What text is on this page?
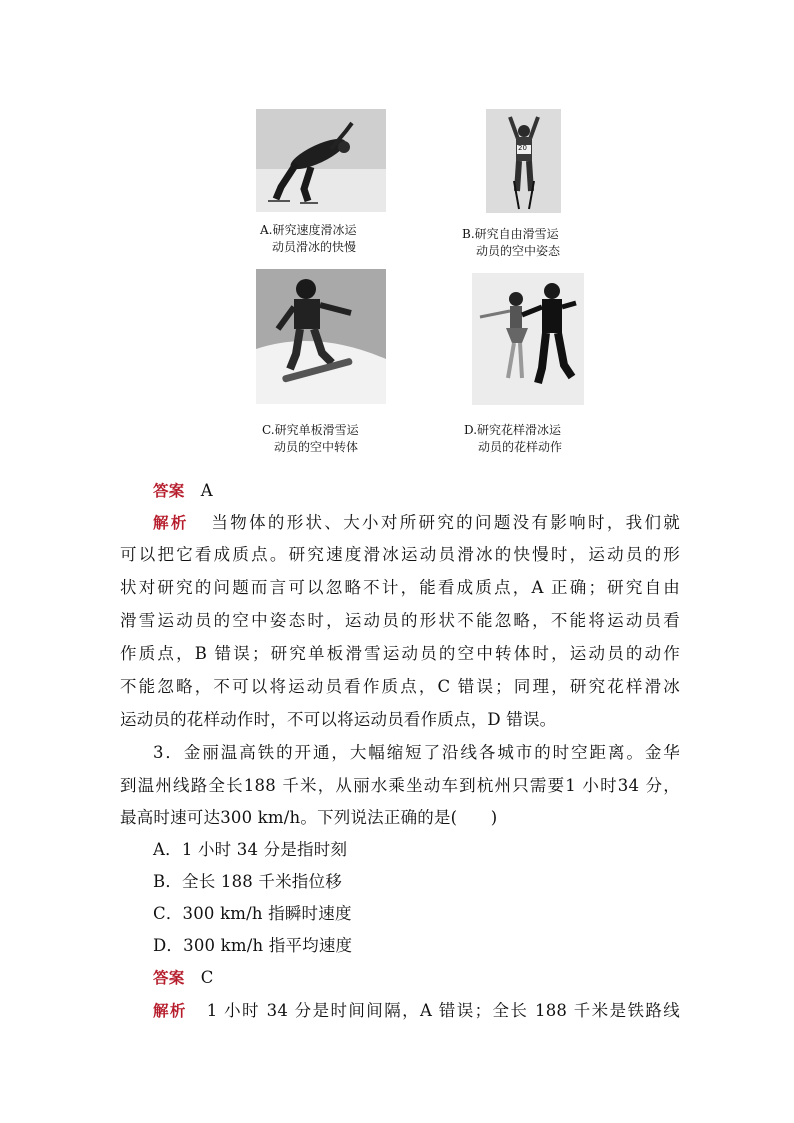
A.研究速度滑冰运
动员滑冰的快慢
20
B.研究自由滑雪运
动员的空中姿态
C.研究单板滑雪运
动员的空中转体
D.研究花样滑冰运
动员的花样动作
答案 A
解析 当物体的形状、大小对所研究的问题没有影响时，我们就
可以把它看成质点。研究速度滑冰运动员滑冰的快慢时，运动员的形
状对研究的问题而言可以忽略不计，能看成质点，A 正确；研究自由
滑雪运动员的空中姿态时，运动员的形状不能忽略，不能将运动员看
作质点，B 错误；研究单板滑雪运动员的空中转体时，运动员的动作
不能忽略，不可以将运动员看作质点，C 错误；同理，研究花样滑冰
运动员的花样动作时，不可以将运动员看作质点，D 错误。
3．金丽温高铁的开通，大幅缩短了沿线各城市的时空距离。金华
到温州线路全长188 千米，从丽水乘坐动车到杭州只需要1 小时34 分，
最高时速可达300 km/h。下列说法正确的是(　　)
A．1 小时 34 分是指时刻
B．全长 188 千米指位移
C．300 km/h 指瞬时速度
D．300 km/h 指平均速度
答案 C
解析 1 小时 34 分是时间间隔，A 错误；全长 188 千米是铁路线
